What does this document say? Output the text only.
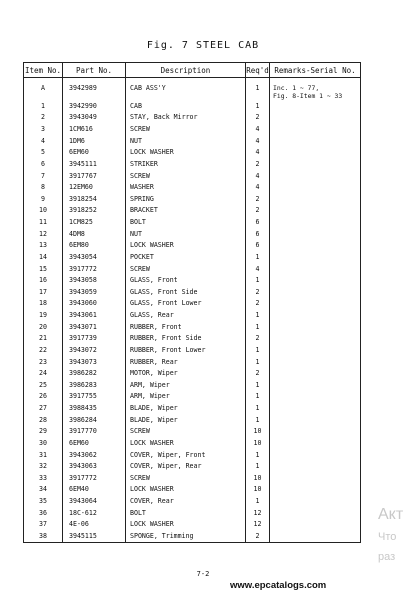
Fig. 7 STEEL CAB
Item No.	Part No.	Description	Req'd	Remarks-Serial No.
A	3942989	CAB ASS'Y	1	Inc. 1 ~ 77,
Fig. 8-Item 1 ~ 33
1	3942990	CAB	1	
2	3943049	STAY, Back Mirror	2	
3	1CM616	SCREW	4	
4	1DM6	NUT	4	
5	6EM60	LOCK WASHER	4	
6	3945111	STRIKER	2	
7	3917767	SCREW	4	
8	12EM60	WASHER	4	
9	3918254	SPRING	2	
10	3918252	BRACKET	2	
11	1CM825	BOLT	6	
12	4DM8	NUT	6	
13	6EM80	LOCK WASHER	6	
14	3943054	POCKET	1	
15	3917772	SCREW	4	
16	3943058	GLASS, Front	1	
17	3943059	GLASS, Front Side	2	
18	3943060	GLASS, Front Lower	2	
19	3943061	GLASS, Rear	1	
20	3943071	RUBBER, Front	1	
21	3917739	RUBBER, Front Side	2	
22	3943072	RUBBER, Front Lower	1	
23	3943073	RUBBER, Rear	1	
24	3986282	MOTOR, Wiper	2	
25	3986283	ARM, Wiper	1	
26	3917755	ARM, Wiper	1	
27	3988435	BLADE, Wiper	1	
28	3986284	BLADE, Wiper	1	
29	3917770	SCREW	10	
30	6EM60	LOCK WASHER	10	
31	3943062	COVER, Wiper, Front	1	
32	3943063	COVER, Wiper, Rear	1	
33	3917772	SCREW	10	
34	6EM40	LOCK WASHER	10	
35	3943064	COVER, Rear	1	
36	18C-612	BOLT	12	
37	4E-06	LOCK WASHER	12	
38	3945115	SPONGE, Trimming	2	
7-2
www.epcatalogs.com
Акт
Что
раз
